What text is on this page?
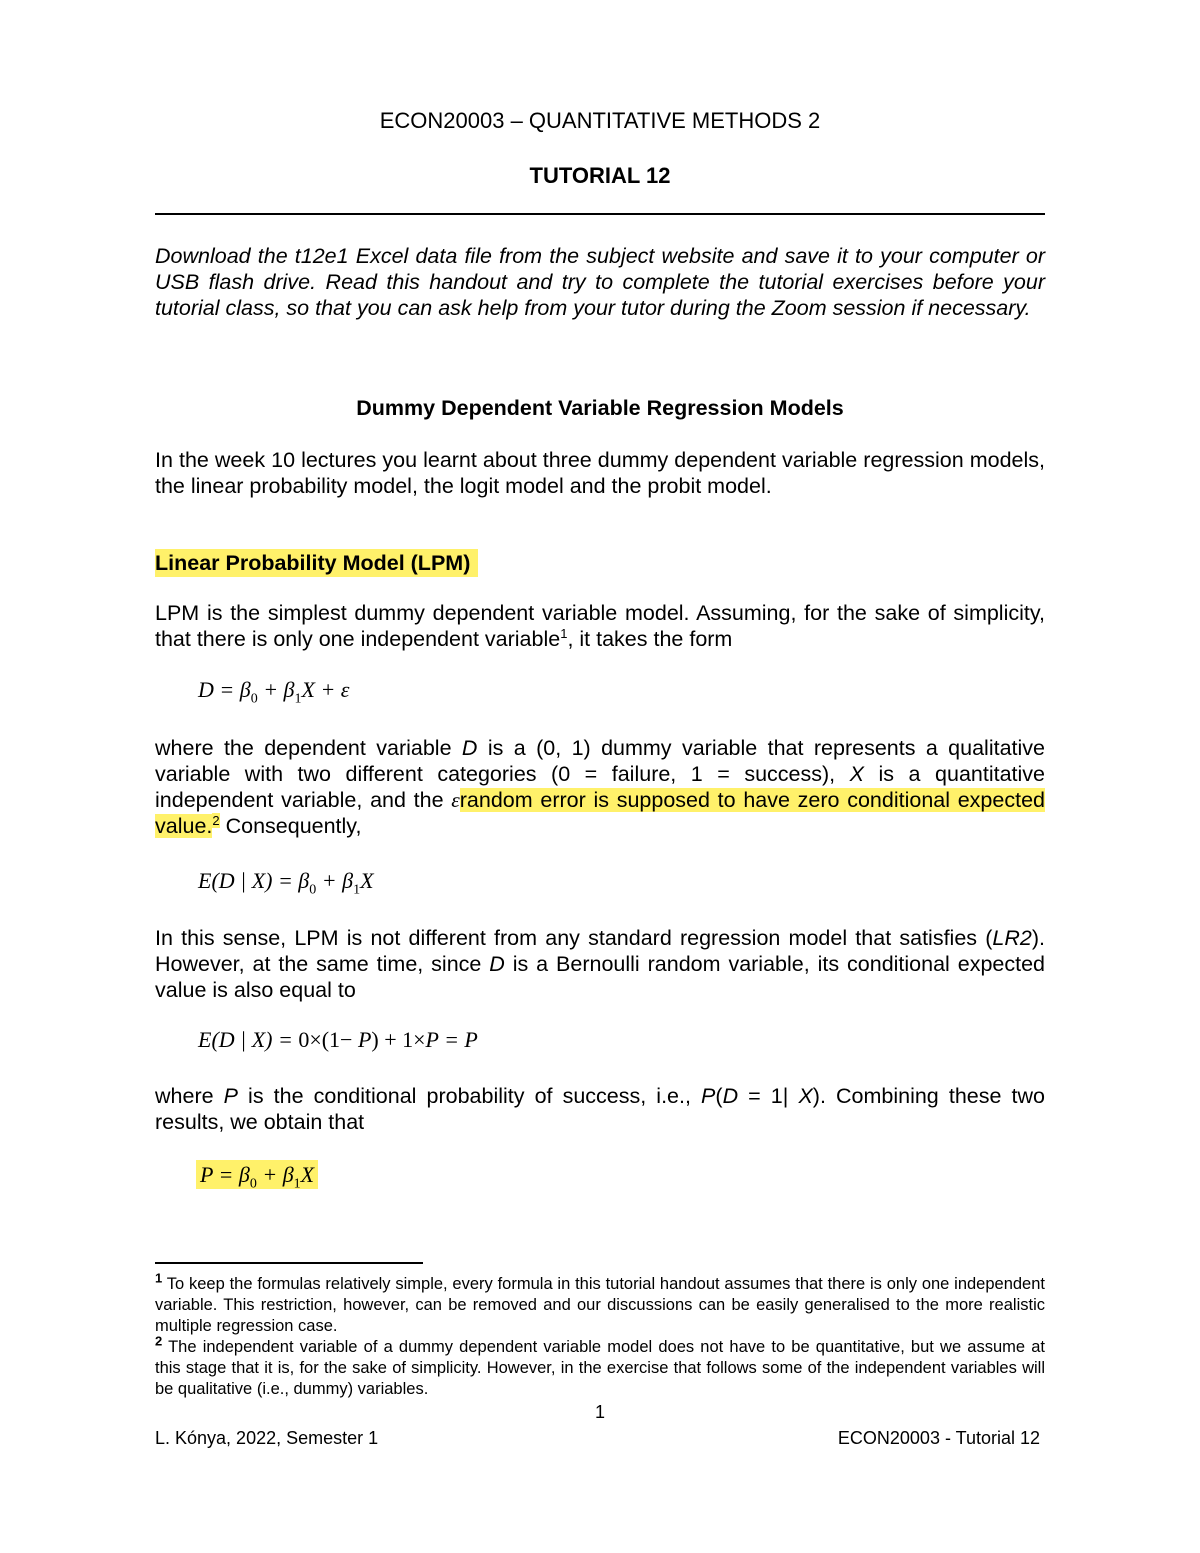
ECON20003 – QUANTITATIVE METHODS 2
TUTORIAL 12
Download the t12e1 Excel data file from the subject website and save it to your computer or USB flash drive. Read this handout and try to complete the tutorial exercises before your tutorial class, so that you can ask help from your tutor during the Zoom session if necessary.
Dummy Dependent Variable Regression Models
In the week 10 lectures you learnt about three dummy dependent variable regression models, the linear probability model, the logit model and the probit model.
Linear Probability Model (LPM)
LPM is the simplest dummy dependent variable model. Assuming, for the sake of simplicity, that there is only one independent variable$^1$, it takes the form
$D = \beta_0 + \beta_1X + \varepsilon$
where the dependent variable D is a (0, 1) dummy variable that represents a qualitative variable with two different categories (0 = failure, 1 = success), X is a quantitative independent variable, and the εrandom error is supposed to have zero conditional expected value.$^2$ Consequently,
E(D | $X) = \beta_0 + \beta_1X$
In this sense, LPM is not different from any standard regression model that satisfies (LR2). However, at the same time, since D is a Bernoulli random variable, its conditional expected value is also equal to
E(D | X) = 0×(1− P) + 1×P = P
where P is the conditional probability of success, i.e., P(D = 1| X). Combining these two results, we obtain that
$P = \beta_0 + \beta_1X$
$^1$ To keep the formulas relatively simple, every formula in this tutorial handout assumes that there is only one independent variable. This restriction, however, can be removed and our discussions can be easily generalised to the more realistic multiple regression case.
$^2$ The independent variable of a dummy dependent variable model does not have to be quantitative, but we assume at this stage that it is, for the sake of simplicity. However, in the exercise that follows some of the independent variables will be qualitative (i.e., dummy) variables.
1
L. Kónya, 2022, Semester 1	ECON20003 - Tutorial 12
